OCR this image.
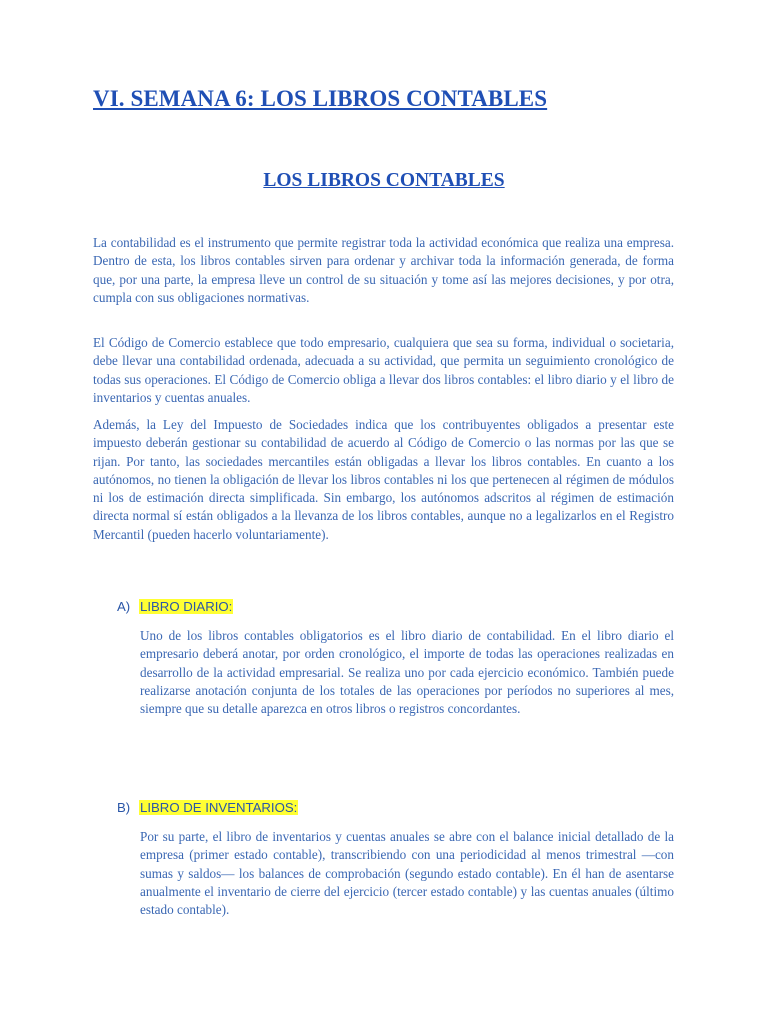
VI. SEMANA 6: LOS LIBROS CONTABLES
LOS LIBROS CONTABLES

La contabilidad es el instrumento que permite registrar toda la actividad económica que realiza una empresa. Dentro de esta, los libros contables sirven para ordenar y archivar toda la información generada, de forma que, por una parte, la empresa lleve un control de su situación y tome así las mejores decisiones, y por otra, cumpla con sus obligaciones normativas.

El Código de Comercio establece que todo empresario, cualquiera que sea su forma, individual o societaria, debe llevar una contabilidad ordenada, adecuada a su actividad, que permita un seguimiento cronológico de todas sus operaciones. El Código de Comercio obliga a llevar dos libros contables: el libro diario y el libro de inventarios y cuentas anuales.

Además, la Ley del Impuesto de Sociedades indica que los contribuyentes obligados a presentar este impuesto deberán gestionar su contabilidad de acuerdo al Código de Comercio o las normas por las que se rijan. Por tanto, las sociedades mercantiles están obligadas a llevar los libros contables. En cuanto a los autónomos, no tienen la obligación de llevar los libros contables ni los que pertenecen al régimen de módulos ni los de estimación directa simplificada. Sin embargo, los autónomos adscritos al régimen de estimación directa normal sí están obligados a la llevanza de los libros contables, aunque no a legalizarlos en el Registro Mercantil (pueden hacerlo voluntariamente).

A) LIBRO DIARIO:

Uno de los libros contables obligatorios es el libro diario de contabilidad. En el libro diario el empresario deberá anotar, por orden cronológico, el importe de todas las operaciones realizadas en desarrollo de la actividad empresarial. Se realiza uno por cada ejercicio económico. También puede realizarse anotación conjunta de los totales de las operaciones por períodos no superiores al mes, siempre que su detalle aparezca en otros libros o registros concordantes.

B) LIBRO DE INVENTARIOS:

Por su parte, el libro de inventarios y cuentas anuales se abre con el balance inicial detallado de la empresa (primer estado contable), transcribiendo con una periodicidad al menos trimestral —con sumas y saldos— los balances de comprobación (segundo estado contable). En él han de asentarse anualmente el inventario de cierre del ejercicio (tercer estado contable) y las cuentas anuales (último estado contable).
